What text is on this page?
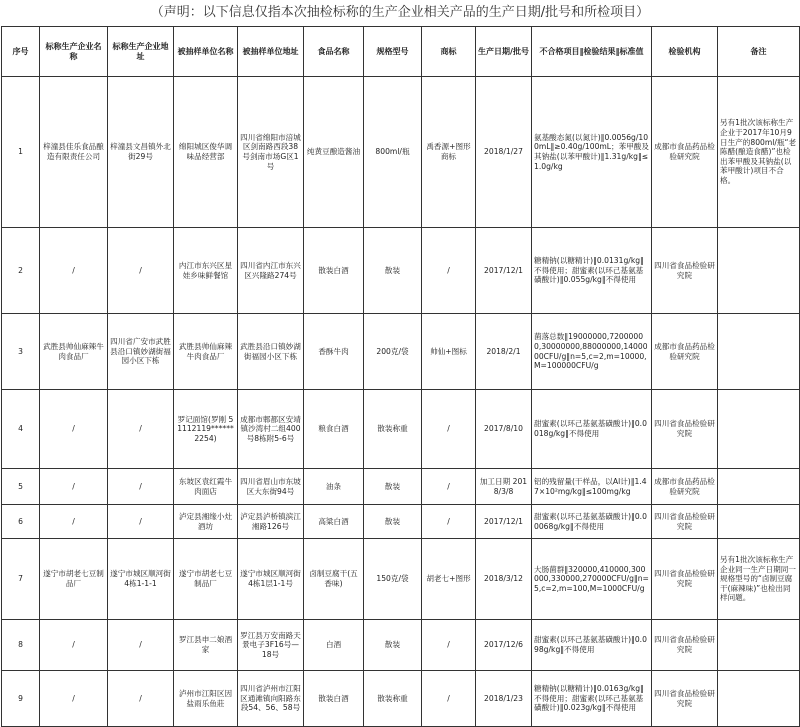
（声明：以下信息仅指本次抽检标称的生产企业相关产品的生产日期/批号和所检项目）
序号	标称生产企业名称	标称生产企业地址	被抽样单位名称	被抽样单位地址	食品名称	规格型号	商标	生产日期/批号	不合格项目‖检验结果‖标准值	检验机构	备注
1	梓潼县佳乐食品酿造有限责任公司	梓潼县文昌镇外北街29号	绵阳城区俊华调味品经营部	四川省绵阳市涪城区剑南路西段38号剑南市场G区1号	纯黄豆酿造酱油	800ml/瓶	禹香源+图形商标	2018/1/27	氨基酸态氮(以氮计)‖0.0056g/100mL‖≥0.40g/100mL；苯甲酸及其钠盐(以苯甲酸计)‖1.31g/kg‖≤1.0g/kg	成都市食品药品检验研究院	另有1批次该标称生产企业于2017年10月9日生产的800ml/瓶“老陈醋(酿造食醋)”也检出苯甲酸及其钠盐(以苯甲酸计)项目不合格。
2	/	/	内江市东兴区星娃乡味鲜餐馆	四川省内江市东兴区兴隆路274号	散装白酒	散装	/	2017/12/1	糖精钠(以糖精计)‖0.0131g/kg‖不得使用；甜蜜素(以环己基氨基磺酸计)‖0.055g/kg‖不得使用	四川省食品检验研究院	
3	武胜县帅仙麻辣牛肉食品厂	四川省广安市武胜县沿口镇妙湖街福园小区下栋	武胜县帅仙麻辣牛肉食品厂	武胜县沿口镇妙湖街福园小区下栋	香酥牛肉	200克/袋	帅仙+图标	2018/2/1	菌落总数‖19000000,72000000,30000000,88000000,1400000CFU/g‖n=5,c=2,m=10000,M=100000CFU/g	成都市食品药品检验研究院	
4	/	/	罗记面馆(罗刚 51112119******2254)	成都市郫都区安靖镇沙湾村二组400号8栋附5-6号	粮食白酒	散装称重	/	2017/8/10	甜蜜素(以环己基氨基磺酸计)‖0.0018g/kg‖不得使用	四川省食品检验研究院	
5	/	/	东坡区袁红霞牛肉面店	四川省眉山市东坡区大东街94号	油条	散装	/	加工日期 2018/3/8	铝的残留量(干样品，以Al计)‖1.47×10²mg/kg‖≤100mg/kg	成都市食品药品检验研究院	
6	/	/	泸定县湘缘小灶酒坊	泸定县泸桥镇滨江湘路126号	高粱白酒	散装	/	2017/12/1	甜蜜素(以环己基氨基磺酸计)‖0.00068g/kg‖不得使用	四川省食品检验研究院	
7	遂宁市胡老七豆制品厂	遂宁市城区顺河街4栋1-1-1	遂宁市胡老七豆制品厂	遂宁市城区顺河街4栋1层1-1号	卤制豆腐干(五香味)	150克/袋	胡老七+图形	2018/3/12	大肠菌群‖320000,410000,300000,330000,270000CFU/g‖n=5,c=2,m=100,M=1000CFU/g	四川省食品检验研究院	另有1批次该标称生产企业同一生产日期同一规格型号的“卤制豆腐干(麻辣味)”也检出同样问题。
8	/	/	罗江县申二娘酒家	罗江县万安南路天景电子3F16号—18号	白酒	散装	/	2017/12/6	甜蜜素(以环己基氨基磺酸计)‖0.098g/kg‖不得使用	四川省食品检验研究院	
9	/	/	泸州市江阳区因盐雨乐鱼莊	四川省泸州市江阳区通滩镇向阳路东段54、56、58号	散装白酒	散装称重	/	2018/1/23	糖精钠(以糖精计)‖0.0163g/kg‖不得使用；甜蜜素(以环己基氨基磺酸计)‖0.023g/kg‖不得使用	四川省食品检验研究院	
